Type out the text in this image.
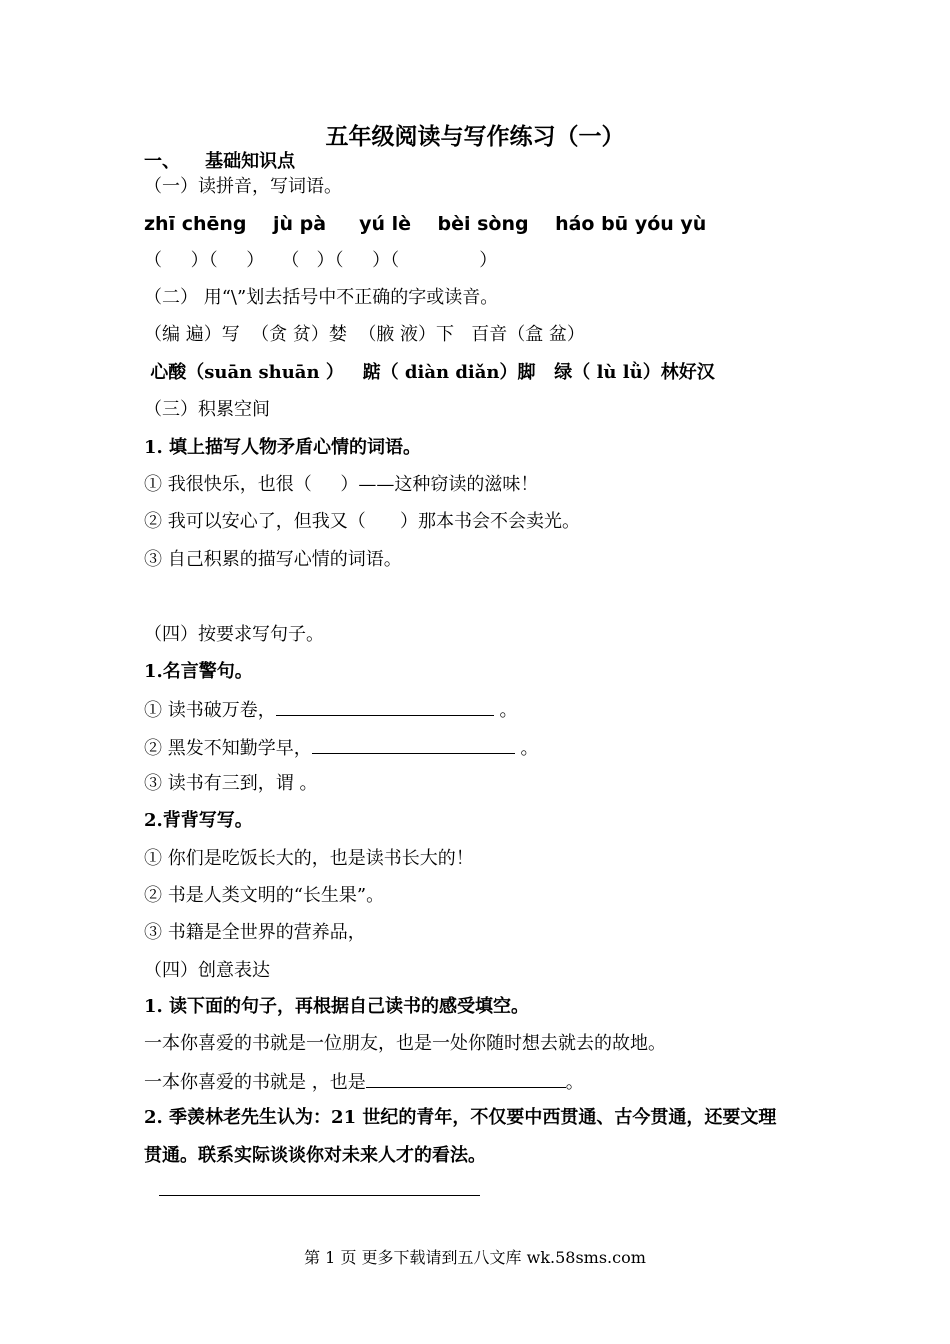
五年级阅读与写作练习（一）
一、    基础知识点
（一）读拼音，写词语。
zhī chēng    jù pà     yú lè    bèi sòng    háo bū yóu yù
（     ）（     ）   （   ）（     ）（              ）
（二） 用“\”划去括号中不正确的字或读音。
（编 遍）写  （贪 贫）婪  （腋 液）下   百音（盒 盆）
心酸（suān shuān ）   踮（ diàn diǎn）脚   绿（ lù lǜ）林好汉
（三）积累空间
1. 填上描写人物矛盾心情的词语。
① 我很快乐，也很（     ）——这种窃读的滋味！
② 我可以安心了，但我又（      ）那本书会不会卖光。
③ 自己积累的描写心情的词语。
（四）按要求写句子。
1.名言警句。
① 读书破万卷，	。
② 黑发不知勤学早，	。
③ 读书有三到，谓 。
2.背背写写。
① 你们是吃饭长大的，也是读书长大的！
② 书是人类文明的“长生果”。
③ 书籍是全世界的营养品，
（四）创意表达
1. 读下面的句子，再根据自己读书的感受填空。
一本你喜爱的书就是一位朋友，也是一处你随时想去就去的故地。
一本你喜爱的书就是 ，也是	。
2. 季羡林老先生认为：21 世纪的青年，不仅要中西贯通、古今贯通，还要文理
贯通。联系实际谈谈你对未来人才的看法。
第 1 页 更多下载请到五八文库 wk.58sms.com
